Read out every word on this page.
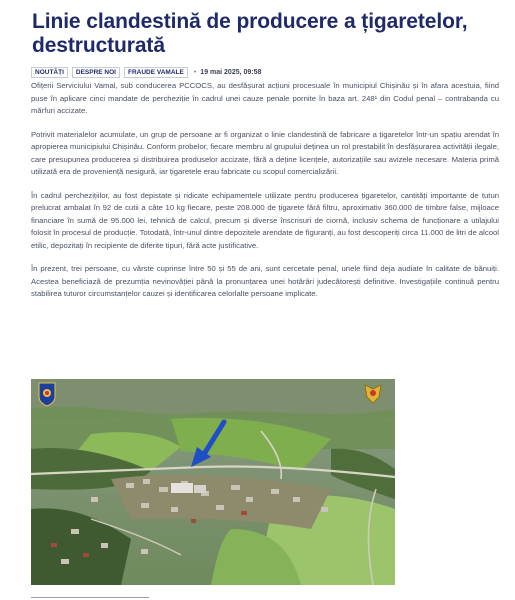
Linie clandestină de producere a țigaretelor, destructurată
NOUTĂȚI	DESPRE NOI	FRAUDE VAMALE	• 19 mai 2025, 09:58

Ofițerii Serviciului Vamal, sub conducerea PCCOCS, au desfășurat acțiuni procesuale în municipiul Chișinău și în afara acestuia, fiind puse în aplicare cinci mandate de percheziție în cadrul unei cauze penale pornite în baza art. 248¹ din Codul penal – contrabanda cu mărfuri accizate.

Potrivit materialelor acumulate, un grup de persoane ar fi organizat o linie clandestină de fabricare a țigaretelor într-un spațiu arendat în apropierea municipiului Chișinău. Conform probelor, fiecare membru al grupului deținea un rol prestabilit în desfășurarea activității ilegale, care presupunea producerea și distribuirea produselor accizate, fără a deține licențele, autorizațiile sau avizele necesare. Materia primă utilizată era de proveniență nesigură, iar țigaretele erau fabricate cu scopul comercializării.

În cadrul perchezițiilor, au fost depistate și ridicate echipamentele utilizate pentru producerea țigaretelor, cantități importante de tutun prelucrat ambalat în 92 de cutii a câte 10 kg fiecare, peste 208.000 de țigarete fără filtru, aproximativ 360.000 de timbre false, mijloace financiare în sumă de 95.000 lei, tehnică de calcul, precum și diverse înscrisuri de ciornă, inclusiv schema de funcționare a utilajului folosit în procesul de producție. Totodată, într-unul dintre depozitele arendate de figuranți, au fost descoperiți circa 11.000 de litri de alcool etilic, depozitați în recipiente de diferite tipuri, fără acte justificative.

În prezent, trei persoane, cu vârste cuprinse între 50 și 55 de ani, sunt cercetate penal, unele fiind deja audiate în calitate de bănuiți. Acestea beneficiază de prezumția nevinovăției până la pronunțarea unei hotărâri judecătorești definitive. Investigațiile continuă pentru stabilirea tuturor circumstanțelor cauzei și identificarea celorlalte persoane implicate.
